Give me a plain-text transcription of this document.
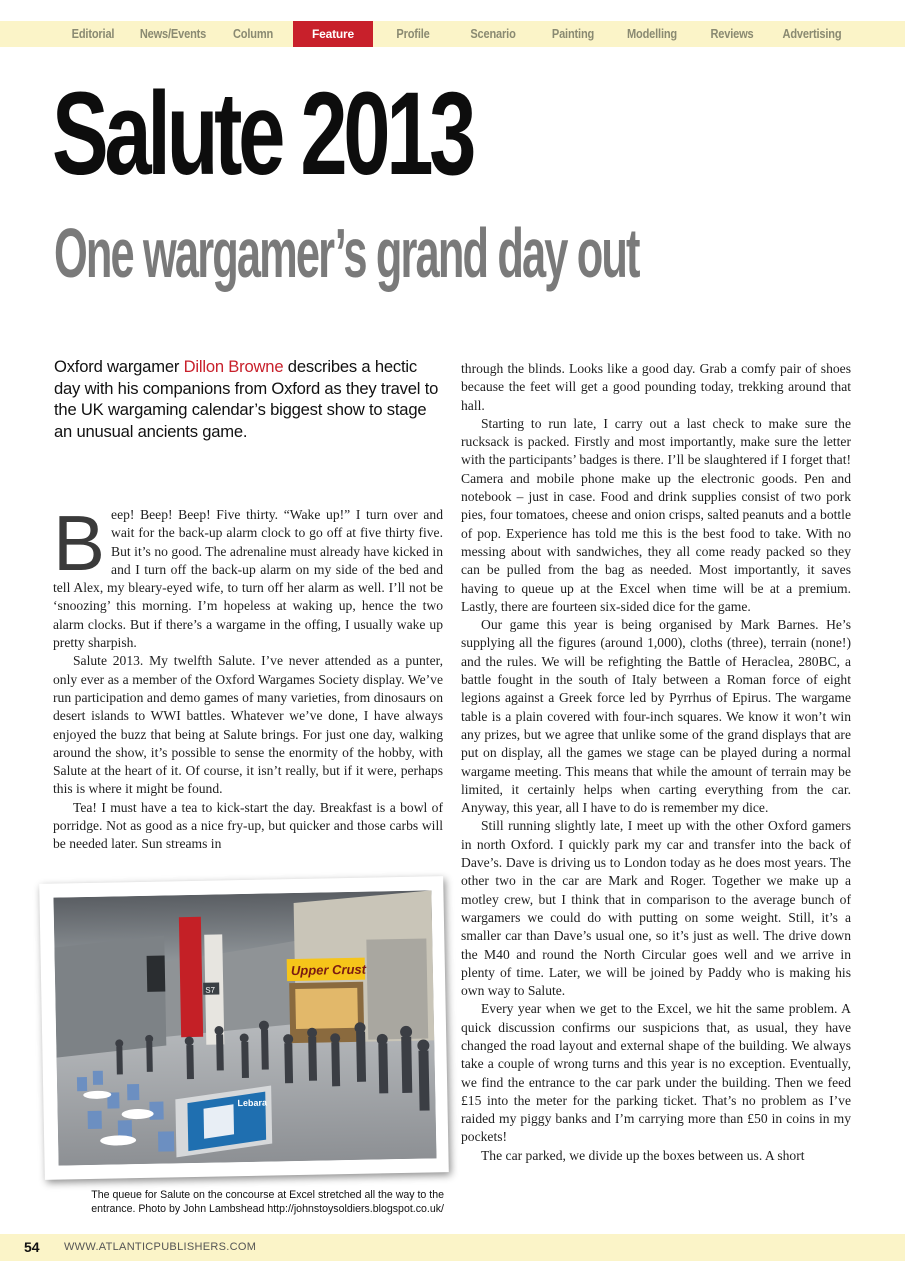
Editorial	News/Events	Column	Feature	Profile	Scenario	Painting	Modelling	Reviews	Advertising
Salute 2013
One wargamer’s grand day out

Oxford wargamer Dillon Browne describes a hectic day with his companions from Oxford as they travel to the UK wargaming calendar’s biggest show to stage an unusual ancients game.

Beep! Beep! Beep! Five thirty. “Wake up!” I turn over and wait for the back-up alarm clock to go off at five thirty five. But it’s no good. The adrenaline must already have kicked in and I turn off the back-up alarm on my side of the bed and tell Alex, my bleary-eyed wife, to turn off her alarm as well. I’ll not be ‘snoozing’ this morning. I’m hopeless at waking up, hence the two alarm clocks. But if there’s a wargame in the offing, I usually wake up pretty sharpish.

Salute 2013. My twelfth Salute. I’ve never attended as a punter, only ever as a member of the Oxford Wargames Society display. We’ve run participation and demo games of many varieties, from dinosaurs on desert islands to WWI battles. Whatever we’ve done, I have always enjoyed the buzz that being at Salute brings. For just one day, walking around the show, it’s possible to sense the enormity of the hobby, with Salute at the heart of it. Of course, it isn’t really, but if it were, perhaps this is where it might be found.

Tea! I must have a tea to kick-start the day. Breakfast is a bowl of porridge. Not as good as a nice fry-up, but quicker and those carbs will be needed later. Sun streams in

through the blinds. Looks like a good day. Grab a comfy pair of shoes because the feet will get a good pounding today, trekking around that hall.

Starting to run late, I carry out a last check to make sure the rucksack is packed. Firstly and most importantly, make sure the letter with the participants’ badges is there. I’ll be slaughtered if I forget that! Camera and mobile phone make up the electronic goods. Pen and notebook – just in case. Food and drink supplies consist of two pork pies, four tomatoes, cheese and onion crisps, salted peanuts and a bottle of pop. Experience has told me this is the best food to take. With no messing about with sandwiches, they all come ready packed so they can be pulled from the bag as needed. Most importantly, it saves having to queue up at the Excel when time will be at a premium. Lastly, there are fourteen six-sided dice for the game.

Our game this year is being organised by Mark Barnes. He’s supplying all the figures (around 1,000), cloths (three), terrain (none!) and the rules. We will be refighting the Battle of Heraclea, 280BC, a battle fought in the south of Italy between a Roman force of eight legions against a Greek force led by Pyrrhus of Epirus. The wargame table is a plain covered with four-inch squares. We know it won’t win any prizes, but we agree that unlike some of the grand displays that are put on display, all the games we stage can be played during a normal wargame meeting. This means that while the amount of terrain may be limited, it certainly helps when carting everything from the car. Anyway, this year, all I have to do is remember my dice.

Still running slightly late, I meet up with the other Oxford gamers in north Oxford. I quickly park my car and transfer into the back of Dave’s. Dave is driving us to London today as he does most years. The other two in the car are Mark and Roger. Together we make up a motley crew, but I think that in comparison to the average bunch of wargamers we could do with putting on some weight. Still, it’s a smaller car than Dave’s usual one, so it’s just as well. The drive down the M40 and round the North Circular goes well and we arrive in plenty of time. Later, we will be joined by Paddy who is making his own way to Salute.

Every year when we get to the Excel, we hit the same problem. A quick discussion confirms our suspicions that, as usual, they have changed the road layout and external shape of the building. We always take a couple of wrong turns and this year is no exception. Eventually, we find the entrance to the car park under the building. Then we feed £15 into the meter for the parking ticket. That’s no problem as I’ve raided my piggy banks and I’m carrying more than £50 in coins in my pockets!

The car parked, we divide up the boxes between us. A short

S7
Upper Crust
Lebara

The queue for Salute on the concourse at Excel stretched all the way to the entrance. Photo by John Lambshead http://johnstoysoldiers.blogspot.co.uk/

54 WWW.ATLANTICPUBLISHERS.COM
